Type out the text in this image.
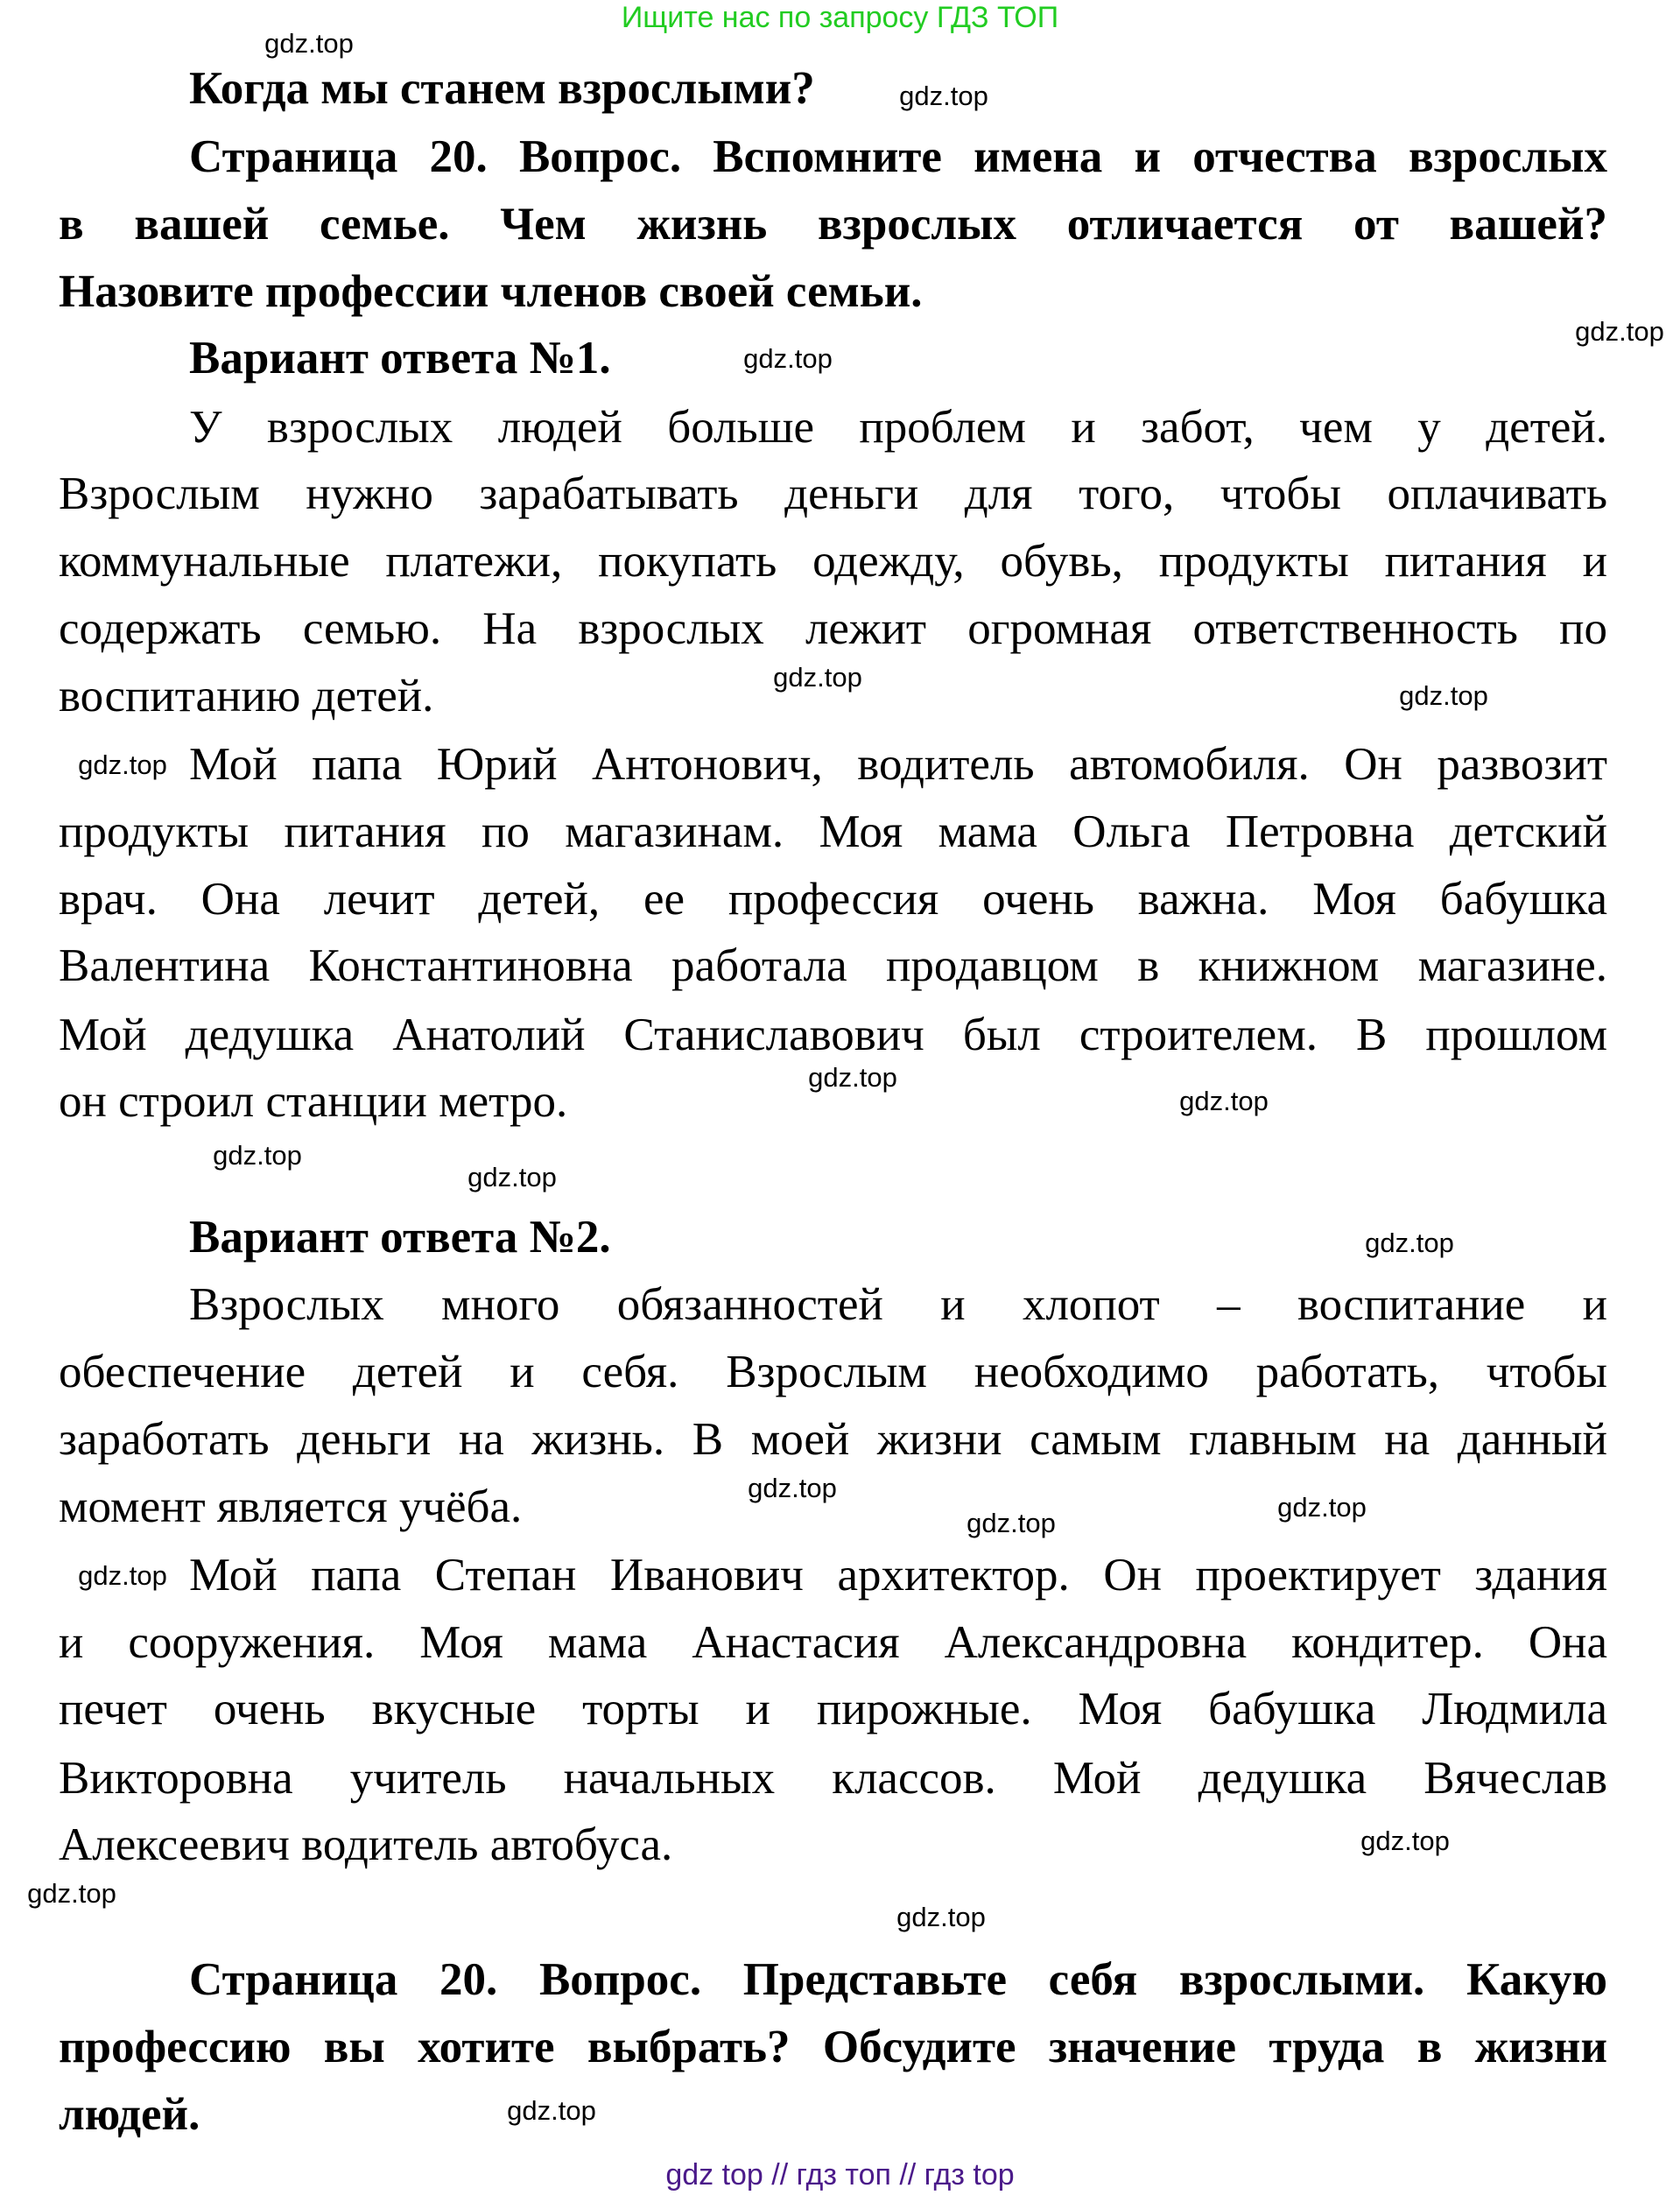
Ищите нас по запросу ГДЗ ТОП
Когда мы станем взрослыми?
Страница 20. Вопрос. Вспомните имена и отчества взрослых
в вашей семье. Чем жизнь взрослых отличается от вашей?
Назовите профессии членов своей семьи.
Вариант ответа №1.
У взрослых людей больше проблем и забот, чем у детей.
Взрослым нужно зарабатывать деньги для того, чтобы оплачивать
коммунальные платежи, покупать одежду, обувь, продукты питания и
содержать семью. На взрослых лежит огромная ответственность по
воспитанию детей.
Мой папа Юрий Антонович, водитель автомобиля. Он развозит
продукты питания по магазинам. Моя мама Ольга Петровна детский
врач. Она лечит детей, ее профессия очень важна. Моя бабушка
Валентина Константиновна работала продавцом в книжном магазине.
Мой дедушка Анатолий Станиславович был строителем. В прошлом
он строил станции метро.
Вариант ответа №2.
Взрослых много обязанностей и хлопот – воспитание и
обеспечение детей и себя. Взрослым необходимо работать, чтобы
заработать деньги на жизнь. В моей жизни самым главным на данный
момент является учёба.
Мой папа Степан Иванович архитектор. Он проектирует здания
и сооружения. Моя мама Анастасия Александровна кондитер. Она
печет очень вкусные торты и пирожные. Моя бабушка Людмила
Викторовна учитель начальных классов. Мой дедушка Вячеслав
Алексеевич водитель автобуса.
Страница 20. Вопрос. Представьте себя взрослыми. Какую
профессию вы хотите выбрать? Обсудите значение труда в жизни
людей.
gdz.top
gdz.top
gdz.top
gdz.top
gdz.top
gdz.top
gdz.top
gdz.top
gdz.top
gdz.top
gdz.top
gdz.top
gdz.top
gdz.top
gdz.top
gdz.top
gdz.top
gdz.top
gdz.top
gdz.top
gdz top // гдз топ // гдз top
